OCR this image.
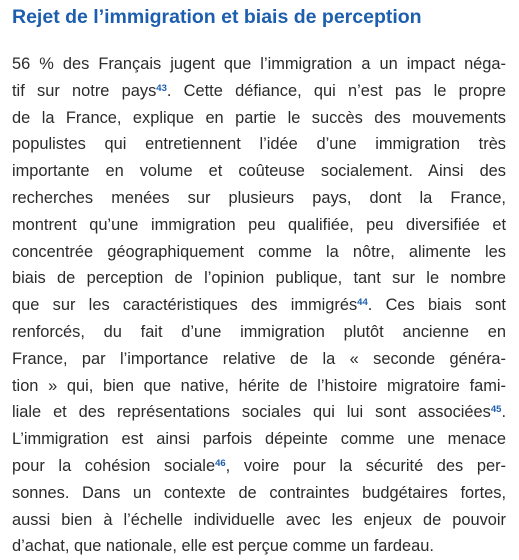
Rejet de l’immigration et biais de perception
56 % des Français jugent que l’immigration a un impact néga-
tif sur notre pays$^{43}$. Cette défiance, qui n’est pas le propre
de la France, explique en partie le succès des mouvements
populistes qui entretiennent l’idée d’une immigration très
importante en volume et coûteuse socialement. Ainsi des
recherches menées sur plusieurs pays, dont la France,
montrent qu’une immigration peu qualifiée, peu diversifiée et
concentrée géographiquement comme la nôtre, alimente les
biais de perception de l’opinion publique, tant sur le nombre
que sur les caractéristiques des immigrés$^{44}$. Ces biais sont
renforcés, du fait d’une immigration plutôt ancienne en
France, par l’importance relative de la « seconde généra-
tion » qui, bien que native, hérite de l’histoire migratoire fami-
liale et des représentations sociales qui lui sont associées$^{45}$.
L’immigration est ainsi parfois dépeinte comme une menace
pour la cohésion sociale$^{46}$, voire pour la sécurité des per-
sonnes. Dans un contexte de contraintes budgétaires fortes,
aussi bien à l’échelle individuelle avec les enjeux de pouvoir
d’achat, que nationale, elle est perçue comme un fardeau.
